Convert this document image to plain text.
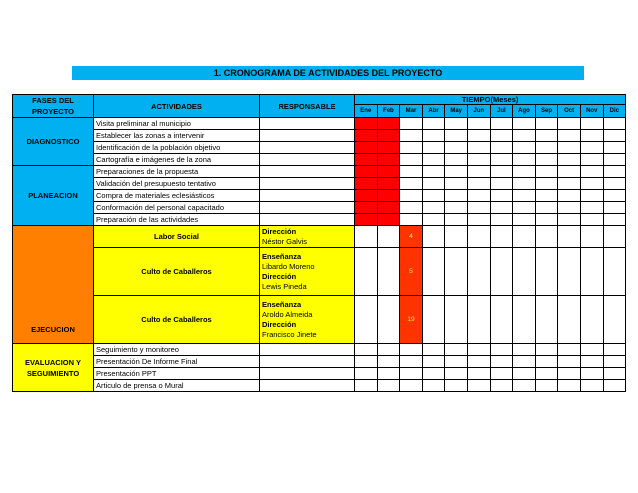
1. CRONOGRAMA DE ACTIVIDADES DEL PROYECTO
FASES DEL
PROYECTO	ACTIVIDADES	RESPONSABLE	TIEMPO(Meses)											
			Ene	Feb	Mar	Abr	May	Jun	Jul	Ago	Sep	Oct	Nov	Dic
DIAGNOSTICO	Visita preliminar al municipio													
	Establecer las zonas a intervenir													
	Identificación de la población objetivo													
	Cartografía e imágenes de la zona													
PLANEACION	Preparaciones de la propuesta													
	Validación del presupuesto tentativo													
	Compra de materiales eclesiásticos													
	Conformación del personal capacitado													
	Preparación de las actividades													
EJECUCION	Labor Social	Dirección
Néstor Galvis			4									
	Culto de Caballeros	Enseñanza
Libardo Moreno
Dirección
Lewis Pineda			5									
	Culto de Caballeros	Enseñanza
Aroldo Almeida
Dirección
Francisco Jinete			19									
EVALUACION Y
SEGUIMIENTO	Seguimiento y monitoreo													
	Presentación De Informe Final													
	Presentación PPT													
	Articulo de prensa o Mural													
